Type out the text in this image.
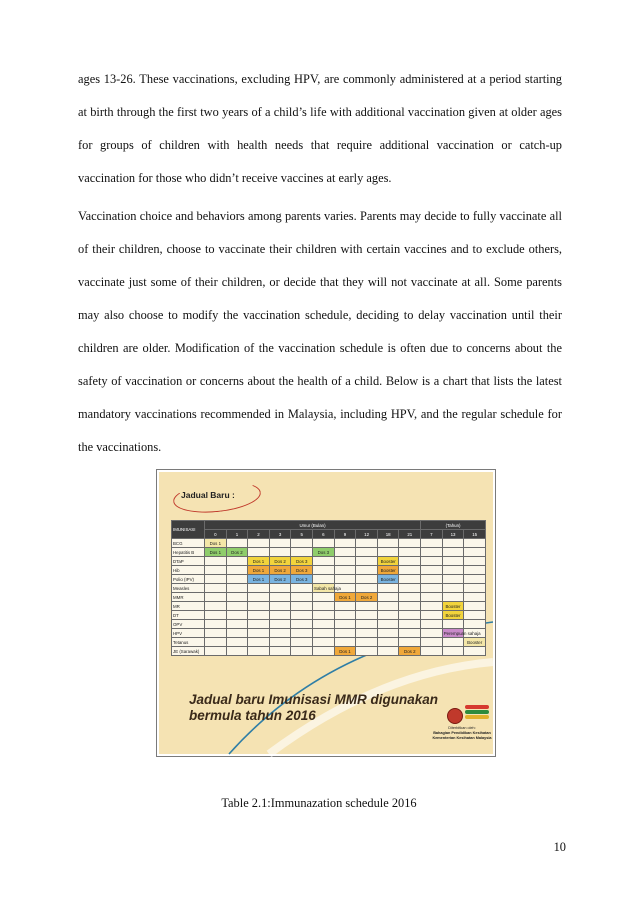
ages 13-26. These vaccinations, excluding HPV, are commonly administered at a period starting at birth through the first two years of a child’s life with additional vaccination given at older ages for groups of children with health needs that require additional vaccination or catch-up vaccination for those who didn’t receive vaccines at early ages.

Vaccination choice and behaviors among parents varies. Parents may decide to fully vaccinate all of their children, choose to vaccinate their children with certain vaccines and to exclude others, vaccinate just some of their children, or decide that they will not vaccinate at all. Some parents may also choose to modify the vaccination schedule, deciding to delay vaccination until their children are older. Modification of the vaccination schedule is often due to concerns about the safety of vaccination or concerns about the health of a child. Below is a chart that lists the latest mandatory vaccinations recommended in Malaysia, including HPV, and the regular schedule for the vaccinations.

Jadual Baru :
IMUNISASI	Umur (Bulan)										(Tahun)		
	0	1	2	3	5	6	9	12	18	21	7	13	15
BCG	Dos 1												
Hepatitis B	Dos 1	Dos 2				Dos 3							
DTaP			Dos 1	Dos 2	Dos 3				Booster				
Hib			Dos 1	Dos 2	Dos 3				Booster				
Polio (IPV)			Dos 1	Dos 2	Dos 3				Booster				
Measles						Sabah sahaja							
MMR							Dos 1	Dos 2					
MR												Booster	
DT												Booster	
OPV													
HPV												Perempuan sahaja	
Tetanus													Booster
JE (Sarawak)							Dos 1			Dos 2			
Jadual baru Imunisasi MMR digunakan
bermula tahun 2016
Diterbitkan oleh:
Bahagian Pendidikan Kesihatan
Kementerian Kesihatan Malaysia
Table 2.1:Immunazation schedule 2016
10
